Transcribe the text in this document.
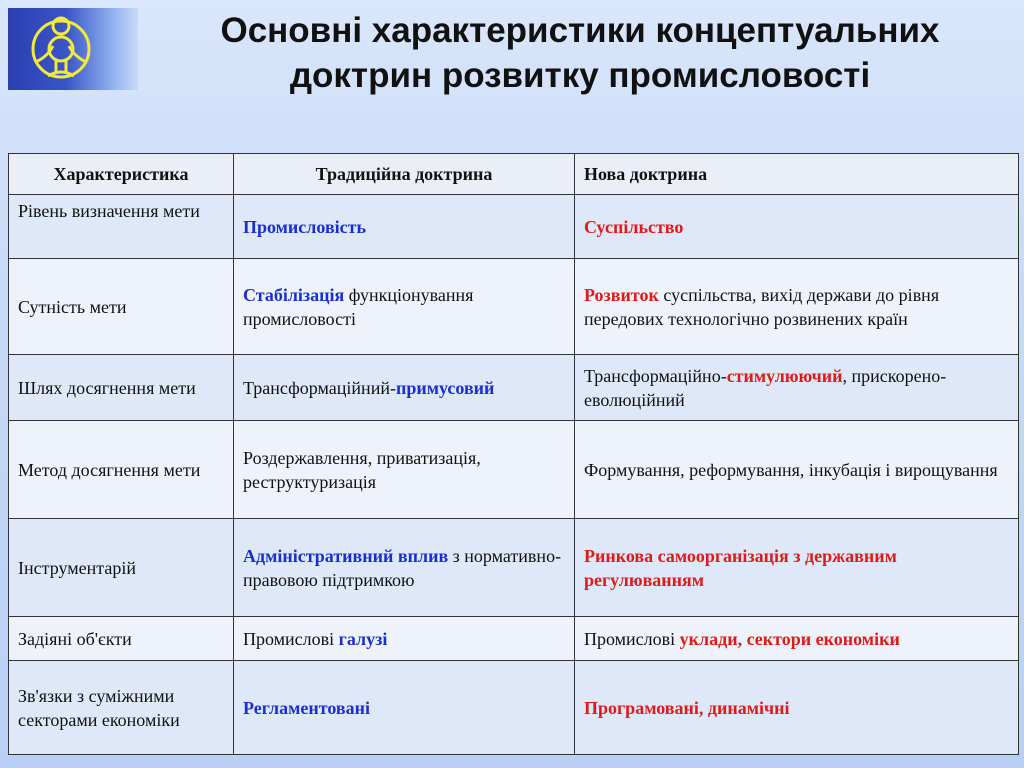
Основні характеристики концептуальних
доктрин розвитку промисловості
Характеристика	Традиційна доктрина	Нова доктрина
Рівень визначення мети	Промисловість	Суспільство
Сутність мети	Стабілізація функціонування промисловості	Розвиток суспільства, вихід держави до рівня передових технологічно розвинених країн
Шлях досягнення мети	Трансформаційний-примусовий	Трансформаційно-стимулюючий, прискорено-еволюційний
Метод досягнення мети	Роздержавлення, приватизація, реструктуризація	Формування, реформування, інкубація і вирощування
Інструментарій	Адміністративний вплив з нормативно-правовою підтримкою	Ринкова самоорганізація з державним регулюванням
Задіяні об'єкти	Промислові галузі	Промислові уклади, сектори економіки
Зв'язки з суміжними секторами економіки	Регламентовані	Програмовані, динамічні
